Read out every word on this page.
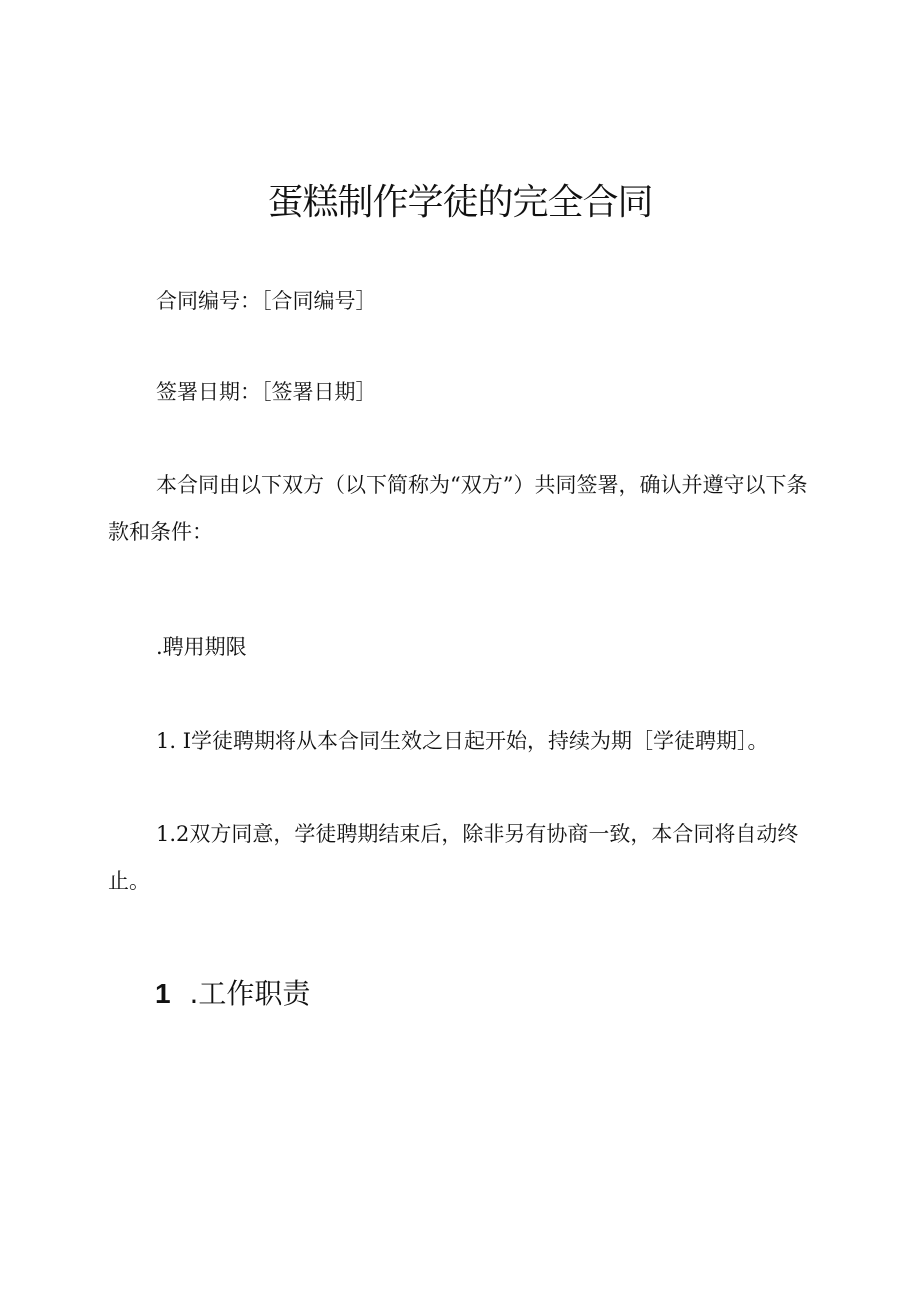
蛋糕制作学徒的完全合同

合同编号：［合同编号］

签署日期：［签署日期］

本合同由以下双方（以下简称为“双方”）共同签署，确认并遵守以下条款和条件：

.聘用期限

1. I学徒聘期将从本合同生效之日起开始，持续为期［学徒聘期］。

1.2双方同意，学徒聘期结束后，除非另有协商一致，本合同将自动终止。

1 .工作职责
